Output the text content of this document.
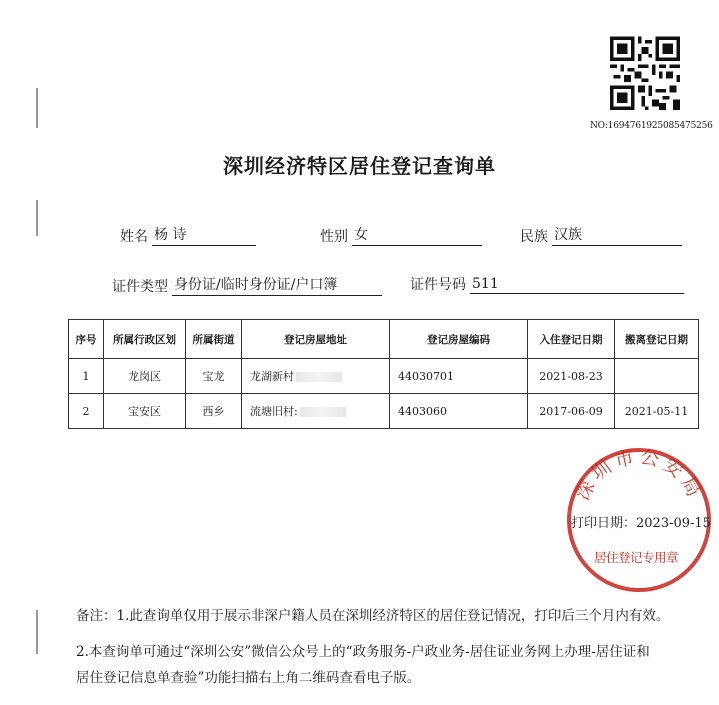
NO:1694761925085475256
深圳经济特区居住登记查询单
姓名 杨 诗	性别 女	民族 汉族
证件类型 身份证/临时身份证/户口簿	证件号码 511
序号	所属行政区划	所属街道	登记房屋地址	登记房屋编码	入住登记日期	搬离登记日期
1	龙岗区	宝龙	龙湖新村	44030701	2021-08-23	
2	宝安区	西乡	流塘旧村:	4403060	2017-06-09	2021-05-11
深圳市公安局
打印日期：2023-09-15
居住登记专用章
备注：1.此查询单仅用于展示非深户籍人员在深圳经济特区的居住登记情况，打印后三个月内有效。
2.本查询单可通过“深圳公安”微信公众号上的“政务服务-户政业务-居住证业务网上办理-居住证和
居住登记信息单查验”功能扫描右上角二维码查看电子版。
